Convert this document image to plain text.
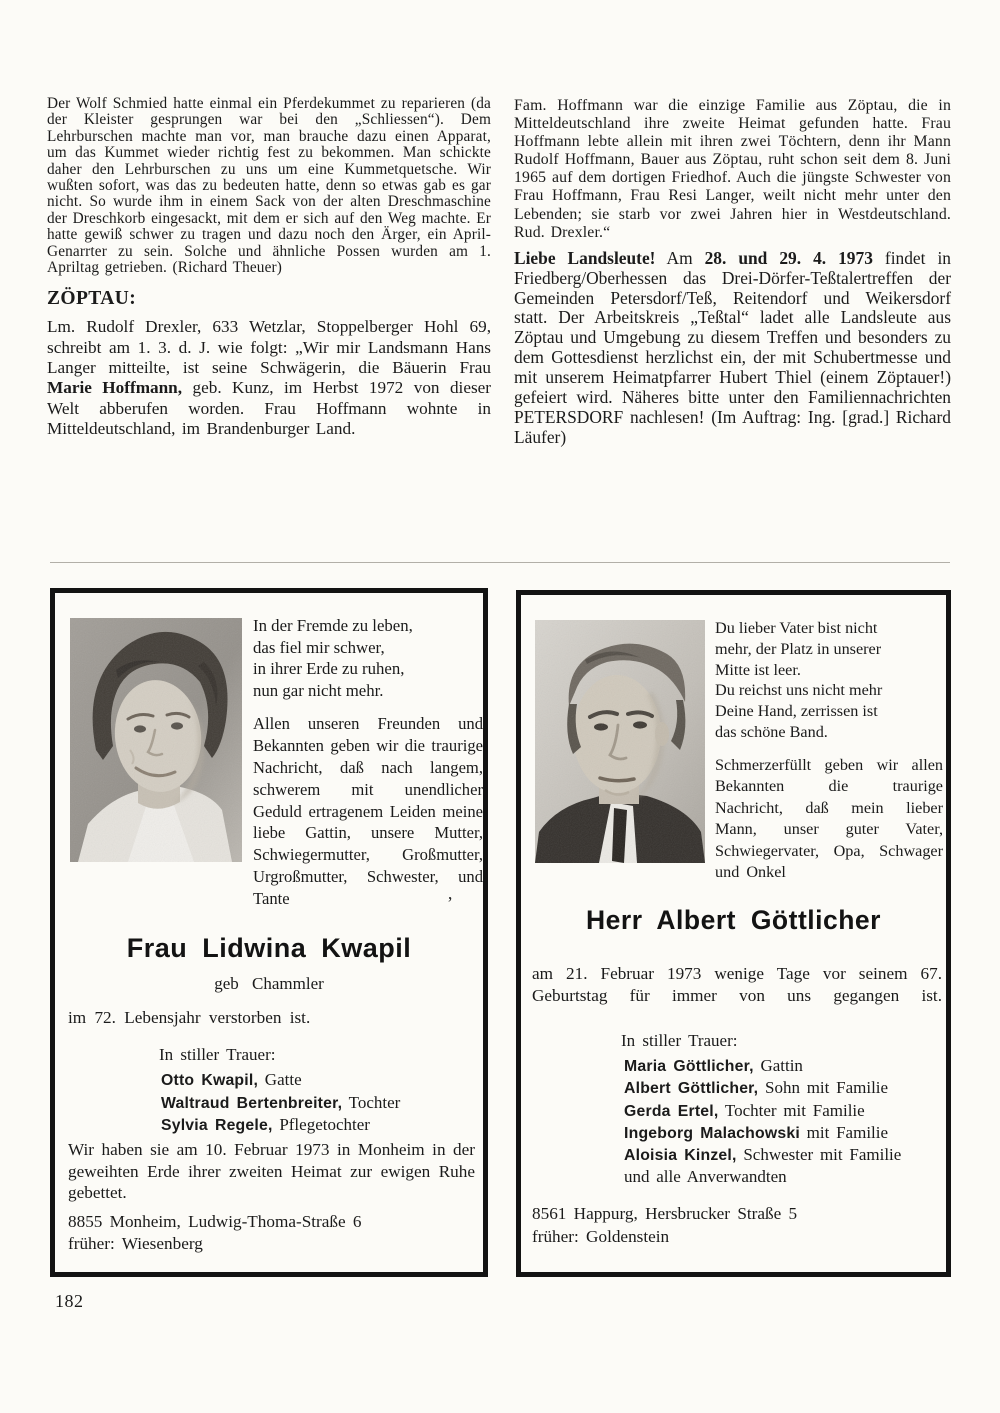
Der Wolf Schmied hatte einmal ein Pferdekummet zu reparieren (da der Kleister gesprungen war bei den „Schliessen“). Dem Lehrburschen machte man vor, man brauche dazu einen Apparat, um das Kummet wieder richtig fest zu bekommen. Man schickte daher den Lehrburschen zu uns um eine Kummetquetsche. Wir wußten sofort, was das zu bedeuten hatte, denn so etwas gab es gar nicht. So wurde ihm in einem Sack von der alten Dreschmaschine der Dreschkorb eingesackt, mit dem er sich auf den Weg machte. Er hatte gewiß schwer zu tragen und dazu noch den Ärger, ein April-Genarrter zu sein. Solche und ähnliche Possen wurden am 1. Apriltag getrieben. (Richard Theuer)

ZÖPTAU:

Lm. Rudolf Drexler, 633 Wetzlar, Stoppelberger Hohl 69, schreibt am 1. 3. d. J. wie folgt: „Wir mir Landsmann Hans Langer mitteilte, ist seine Schwägerin, die Bäuerin Frau Marie Hoffmann, geb. Kunz, im Herbst 1972 von dieser Welt abberufen worden. Frau Hoffmann wohnte in Mitteldeutschland, im Brandenburger Land.

Fam. Hoffmann war die einzige Familie aus Zöptau, die in Mitteldeutschland ihre zweite Heimat gefunden hatte. Frau Hoffmann lebte allein mit ihren zwei Töchtern, denn ihr Mann Rudolf Hoffmann, Bauer aus Zöptau, ruht schon seit dem 8. Juni 1965 auf dem dortigen Friedhof. Auch die jüngste Schwester von Frau Hoffmann, Frau Resi Langer, weilt nicht mehr unter den Lebenden; sie starb vor zwei Jahren hier in Westdeutschland. Rud. Drexler.“

Liebe Landsleute! Am 28. und 29. 4. 1973 findet in Friedberg/Oberhessen das Drei-Dörfer-Teßtalertreffen der Gemeinden Petersdorf/Teß, Reitendorf und Weikersdorf statt. Der Arbeitskreis „Teßtal“ ladet alle Landsleute aus Zöptau und Umgebung zu diesem Treffen und besonders zu dem Gottesdienst herzlichst ein, der mit Schubertmesse und mit unserem Heimatpfarrer Hubert Thiel (einem Zöptauer!) gefeiert wird. Näheres bitte unter den Familiennachrichten PETERSDORF nachlesen! (Im Auftrag: Ing. [grad.] Richard Läufer)

In der Fremde zu leben,
das fiel mir schwer,
in ihrer Erde zu ruhen,
nun gar nicht mehr.

Allen unseren Freunden und Bekannten geben wir die traurige Nachricht, daß nach langem, schwerem mit unendlicher Geduld ertragenem Leiden meine liebe Gattin, unsere Mutter, Schwiegermutter, Großmutter, Urgroßmutter, Schwester, und Tante	’
Frau Lidwina Kwapil
geb Chammler

im 72. Lebensjahr verstorben ist.

In stiller Trauer:

Otto Kwapil, Gatte
Waltraud Bertenbreiter, Tochter
Sylvia Regele, Pflegetochter

Wir haben sie am 10. Februar 1973 in Monheim in der geweihten Erde ihrer zweiten Heimat zur ewigen Ruhe gebettet.

8855 Monheim, Ludwig-Thoma-Straße 6

früher: Wiesenberg

Du lieber Vater bist nicht
mehr, der Platz in unserer
Mitte ist leer.
Du reichst uns nicht mehr
Deine Hand, zerrissen ist
das schöne Band.

Schmerzerfüllt geben wir allen Bekannten die traurige Nachricht, daß mein lieber Mann, unser guter Vater, Schwiegervater, Opa, Schwager und Onkel

Herr Albert Göttlicher

am 21. Februar 1973 wenige Tage vor seinem 67. Geburtstag für immer von uns gegangen ist.

In stiller Trauer:

Maria Göttlicher, Gattin
Albert Göttlicher, Sohn mit Familie
Gerda Ertel, Tochter mit Familie
Ingeborg Malachowski mit Familie
Aloisia Kinzel, Schwester mit Familie
und alle Anverwandten

8561 Happurg, Hersbrucker Straße 5

früher: Goldenstein

182
